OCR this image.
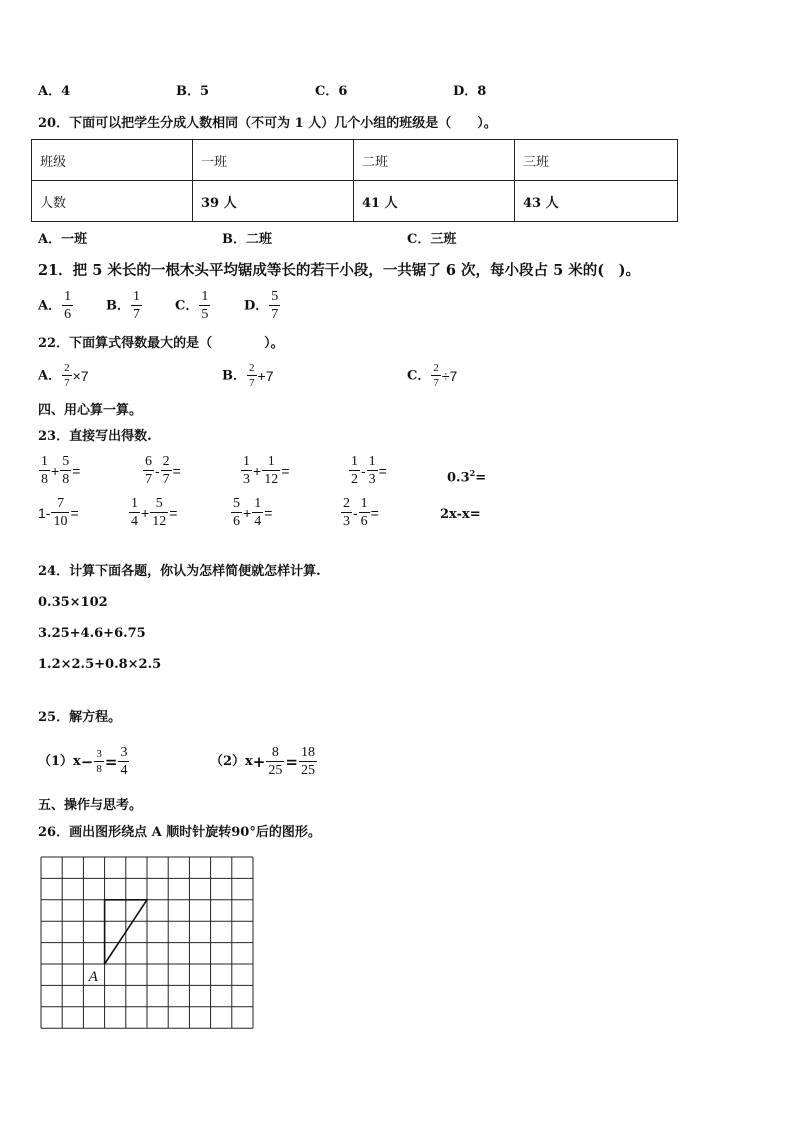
A．4	B．5	C．6	D．8
20．下面可以把学生分成人数相同（不可为 1 人）几个小组的班级是（　　）。
班级	一班	二班	三班
人数	39 人	41 人	43 人
A．一班	B．二班	C．三班
21．把 5 米长的一根木头平均锯成等长的若干小段，一共锯了 6 次，每小段占 5 米的(　)。
A． $\frac{1}{6}$	B． $\frac{1}{7}$	C． $\frac{1}{5}$	D． $\frac{5}{7}$
22．下面算式得数最大的是（　　　　）。
A． $\frac{2}{7} \times 7$	B． $\frac{2}{7} +7$	C． $\frac{2}{7} \div 7$
四、用心算一算。
23．直接写出得数.
$\frac{1}{8} + \frac{5}{8}$ =	$\frac{6}{7} - \frac{2}{7}$ =	$\frac{1}{3} + \frac{1}{12}$ =	$\frac{1}{2} - \frac{1}{3}$ =	$0.3^2=$
$1- \frac{7}{10}$ =	$\frac{1}{4} + \frac{5}{12}$ =	$\frac{5}{6} + \frac{1}{4}$ =	$\frac{2}{3} - \frac{1}{6}$ =	2x-x=
24．计算下面各题，你认为怎样简便就怎样计算.
0.35×102
3.25+4.6+6.75
1.2×2.5+0.8×2.5
25．解方程。
$(1)x- \frac{3}{8} = \frac{3}{4}$	$(2)x+ \frac{8}{25} = \frac{18}{25}$
五、操作与思考。
26．画出图形绕点 A 顺时针旋转90°后的图形。
A
